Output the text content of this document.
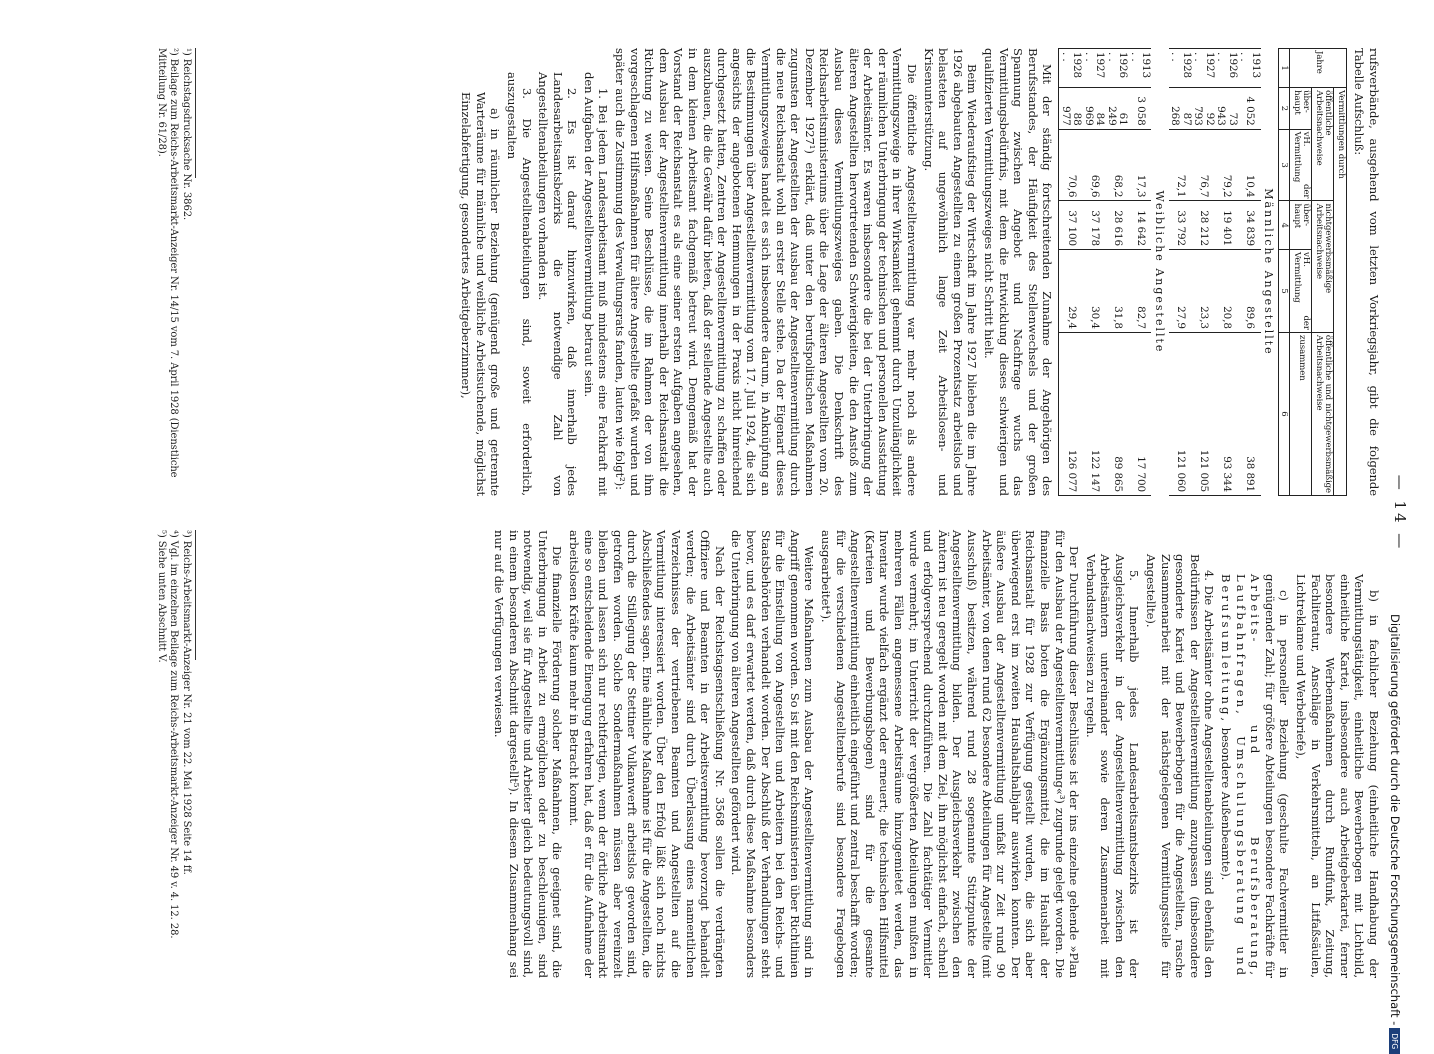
— 14 —

rufsverbände, ausgehend vom letzten Vorkriegsjahr, gibt die folgende Tabelle Aufschluß:

Jahre	Vermittlungen durch				
	öffentliche Arbeitsnachweise		nichtgewerbsmäßige Arbeitsnachweise		öffentliche und nichtgewerbsmäßige Arbeitsnachweise
	über- haupt	vH. der Vermittlung	über- haupt	vH. der Vermittlung	zusammen
1	2	3	4	5	6
Männliche Angestellte					
1913 . .	4 052	10,4	34 839	89,6	38 891
1926 . .	73 943	79,2	19 401	20,8	93 344
1927 . .	92 793	76,7	28 212	23,3	121 005
1928 . .	87 268	72,1	33 792	27,9	121 060
Weibliche Angestellte					
1913 . .	3 058	17,3	14 642	82,7	17 700
1926 . .	61 249	68,2	28 616	31,8	89 865
1927 . .	84 969	69,6	37 178	30,4	122 147
1928 . .	88 977	70,6	37 100	29,4	126 077

Mit der ständig fortschreitenden Zunahme der Angehörigen des Berufsstandes, der Häufigkeit des Stellenwechsels und der großen Spannung zwischen Angebot und Nachfrage wuchs das Vermittlungsbedürfnis, mit dem die Entwicklung dieses schwierigen und qualifizierten Vermittlungszweiges nicht Schritt hielt.

Beim Wiederaufstieg der Wirtschaft im Jahre 1927 blieben die im Jahre 1926 abgebauten Angestellten zu einem großen Prozentsatz arbeitslos und belasteten auf ungewöhnlich lange Zeit Arbeitslosen- und Krisenunterstützung.

Die öffentliche Angestelltenvermittlung war mehr noch als andere Vermittlungszweige in ihrer Wirksamkeit gehemmt durch Unzulänglichkeit der räumlichen Unterbringung der technischen und personellen Ausstattung der Arbeitsämter. Es waren insbesondere die bei der Unterbringung der älteren Angestellten hervortretenden Schwierigkeiten, die den Anstoß zum Ausbau dieses Vermittlungszweiges gaben. Die Denkschrift des Reichsarbeitsministeriums über die Lage der älteren Angestellten vom 20. Dezember 1927¹) erklärt, daß unter den berufspolitischen Maßnahmen zugunsten der Angestellten der Ausbau der Angestelltenvermittlung durch die neue Reichsanstalt wohl an erster Stelle stehe. Da der Eigenart dieses Vermittlungszweiges handelt es sich insbesondere darum, in Anknüpfung an die Bestimmungen über Angestelltenvermittlung vom 17. Juli 1924, die sich angesichts der angebotenen Hemmungen in der Praxis nicht hinreichend durchgesetzt hatten, Zentren der Angestelltenvermittlung zu schaffen oder auszubauen, die die Gewähr dafür bieten, daß der stellende Angestellte auch in dem kleinen Arbeitsamt fachgemäß betreut wird. Demgemäß hat der Vorstand der Reichsanstalt es als eine seiner ersten Aufgaben angesehen, dem Ausbau der Angestelltenvermittlung innerhalb der Reichsanstalt die Richtung zu weisen. Seine Beschlüsse, die im Rahmen der von ihm vorgeschlagenen Hilfsmaßnahmen für ältere Angestellte gefaßt wurden und später auch die Zustimmung des Verwaltungsrats fanden, lauten wie folgt²):

1. Bei jedem Landesarbeitsamt muß mindestens eine Fachkraft mit den Aufgaben der Angestelltenvermittlung betraut sein.

2. Es ist darauf hinzuwirken, daß innerhalb jedes Landesarbeitsamtsbezirks die notwendige Zahl von Angestelltenabteilungen vorhanden ist.

3. Die Angestelltenabteilungen sind, soweit erforderlich, auszugestalten

a) in räumlicher Beziehung (genügend große und getrennte Warteräume für männliche und weibliche Arbeitsuchende, möglichst Einzelabfertigung, gesondertes Arbeitgeberzimmer),

¹) Reichstagsdrucksache Nr. 3862.

²) Beilage zum Reichs-Arbeitsmarkt-Anzeiger Nr. 14/15 vom 7. April 1928 (Dienstliche Mitteilung Nr. 61/28).

b) in fachlicher Beziehung (einheitliche Handhabung der Vermittlungstätigkeit, einheitliche Bewerberbogen mit Lichtbild, einheitliche Kartei, insbesondere auch Arbeitgeberkartei, ferner besondere Werbemaßnahmen durch Rundfunk, Zeitung, Fachliteratur, Anschläge in Verkehrsmitteln, an Litfaßsäulen, Lichtreklame und Werbebriefe),

c) in personeller Beziehung (geschulte Fachvermittler in genügender Zahl; für größere Abteilungen besondere Fachkräfte für Arbeits- und Berufsberatung, Laufbahnfragen, Umschulungsberatung und Berufsumleitung, besondere Außenbeamte).

4. Die Arbeitsämter ohne Angestelltenabteilungen sind ebenfalls den Bedürfnissen der Angestelltenvermittlung anzupassen (insbesondere gesonderte Kartei und Bewerberbogen für die Angestellten, rasche Zusammenarbeit mit der nächstgelegenen Vermittlungsstelle für Angestellte).

5. Innerhalb jedes Landesarbeitsamtsbezirks ist der Ausgleichsverkehr in der Angestelltenvermittlung zwischen den Arbeitsämtern untereinander sowie deren Zusammenarbeit mit Verbandsnachweisen zu regeln.

Der Durchführung dieser Beschlüsse ist der ins einzelne gehende »Plan für den Ausbau der Angestelltenvermittlung«³) zugrunde gelegt worden. Die finanzielle Basis boten die Ergänzungsmittel, die im Haushalt der Reichsanstalt für 1928 zur Verfügung gestellt wurden, die sich aber überwiegend erst im zweiten Haushaltshalbjahr auswirken konnten. Der äußere Ausbau der Angestelltenvermittlung umfaßt zur Zeit rund 90 Arbeitsämter, von denen rund 62 besondere Abteilungen für Angestellte (mit Ausschuß) besitzen, während rund 28 sogenannte Stützpunkte der Angestelltenvermittlung bilden. Der Ausgleichsverkehr zwischen den Ämtern ist neu geregelt worden mit dem Ziel, ihn möglichst einfach, schnell und erfolgversprechend durchzuführen. Die Zahl fachtätiger Vermittler wurde vermehrt; im Unterricht der vergrößerten Abteilungen mußten in mehreren Fällen angemessene Arbeitsräume hinzugemietet werden, das Inventar wurde vielfach ergänzt oder erneuert; die technischen Hilfsmittel (Karteien und Bewerbungsbogen) sind für die gesamte Angestelltenvermittlung einheitlich eingeführt und zentral beschafft worden; für die verschiedenen Angestelltenberufe sind besondere Fragebogen ausgearbeitet⁴).

Weitere Maßnahmen zum Ausbau der Angestelltenvermittlung sind in Angriff genommen worden. So ist mit den Reichsministerien über Richtlinien für die Einstellung von Angestellten und Arbeitern bei den Reichs- und Staatsbehörden verhandelt worden. Der Abschluß der Verhandlungen steht bevor, und es darf erwartet werden, daß durch diese Maßnahme besonders die Unterbringung von älteren Angestellten gefördert wird.

Nach der Reichstagsentschließung Nr. 3568 sollen die verdrängten Offiziere und Beamten in der Arbeitsvermittlung bevorzugt behandelt werden; die Arbeitsämter sind durch Überlassung eines namentlichen Verzeichnisses der vertriebenen Beamten und Angestellten auf die Vermittlung interessiert worden. Über den Erfolg läßt sich noch nichts Abschließendes sagen. Eine ähnliche Maßnahme ist für die Angestellten, die durch die Stillegung der Stettiner Vulkanwerft arbeitslos geworden sind, getroffen worden. Solche Sondermaßnahmen müssen aber vereinzelt bleiben und lassen sich nur rechtfertigen, wenn der örtliche Arbeitsmarkt eine so entscheidende Einengung erfahren hat, daß er für die Aufnahme der arbeitslosen Kräfte kaum mehr in Betracht kommt.

Die finanzielle Förderung solcher Maßnahmen, die geeignet sind, die Unterbringung in Arbeit zu ermöglichen oder zu beschleunigen, sind notwendig, weil sie für Angestellte und Arbeiter gleich bedeutungsvoll sind, in einem besonderen Abschnitt dargestellt⁵). In diesem Zusammenhang sei nur auf die Verfügungen verwiesen.

³) Reichs-Arbeitsmarkt-Anzeiger Nr. 21 vom 22. Mai 1928 Seite 14 ff.

⁴) Vgl. im einzelnen Beilage zum Reichs-Arbeitsmarkt-Anzeiger Nr. 49 v. 4. 12. 28.

⁵) Siehe unten Abschnitt V.

Digitalisierung gefördert durch die Deutsche Forschungsgemeinschaft -DFG
